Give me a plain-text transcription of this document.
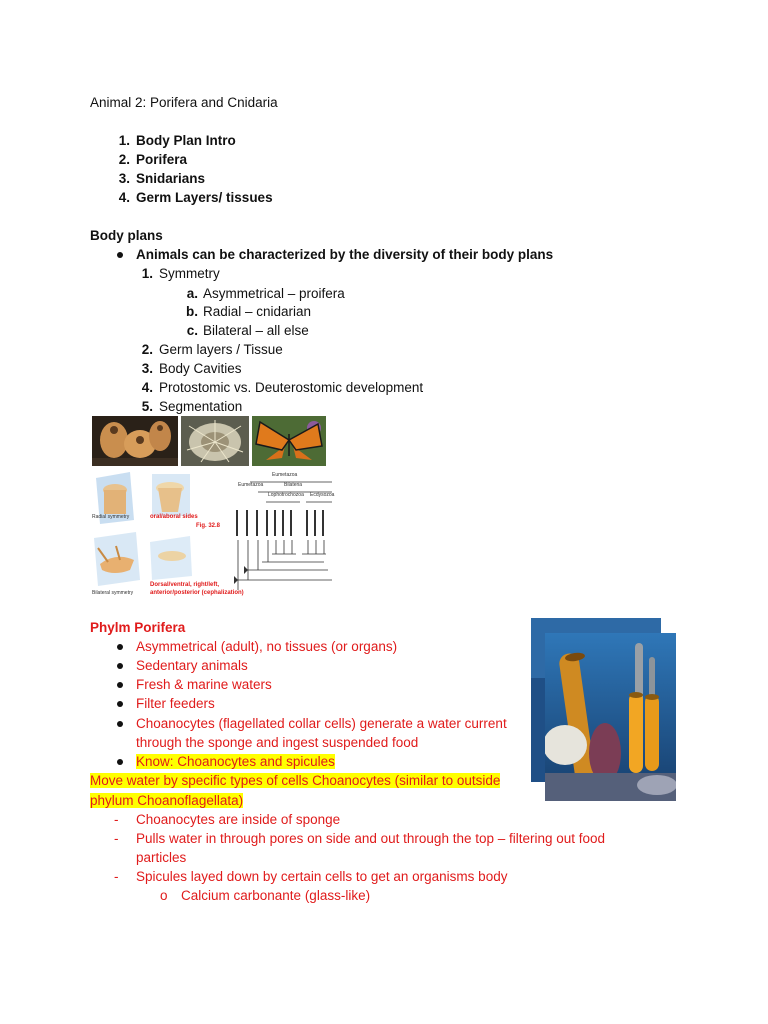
Animal 2: Porifera and Cnidaria
1. Body Plan Intro
2. Porifera
3. Snidarians
4. Germ Layers/ tissues
Body plans
Animals can be characterized by the diversity of their body plans
1. Symmetry
a. Asymmetrical – proifera
b. Radial – cnidarian
c. Bilateral – all else
2. Germ layers / Tissue
3. Body Cavities
4. Protostomic vs. Deuterostomic development
5. Segmentation
Radial symmetry	oral/aboral sides
Fig. 32.8
Bilateral symmetry
Dorsal/ventral, right/left,
anterior/posterior (cephalization)
Eumetazoa
Eumetazoa	Bilateria
Lophotrochozoa Ecdysozoa
Phylm Porifera
Asymmetrical (adult), no tissues (or organs)
Sedentary animals
Fresh & marine waters
Filter feeders
Choanocytes (flagellated collar cells) generate a water current
through the sponge and ingest suspended food
Know: Choanocytes and spicules
Move water by specific types of cells Choanocytes (similar to outside
phylum Choanoflagellata)
- Choanocytes are inside of sponge
- Pulls water in through pores on side and out through the top – filtering out food
particles
- Spicules layed down by certain cells to get an organisms body
o Calcium carbonante (glass-like)
